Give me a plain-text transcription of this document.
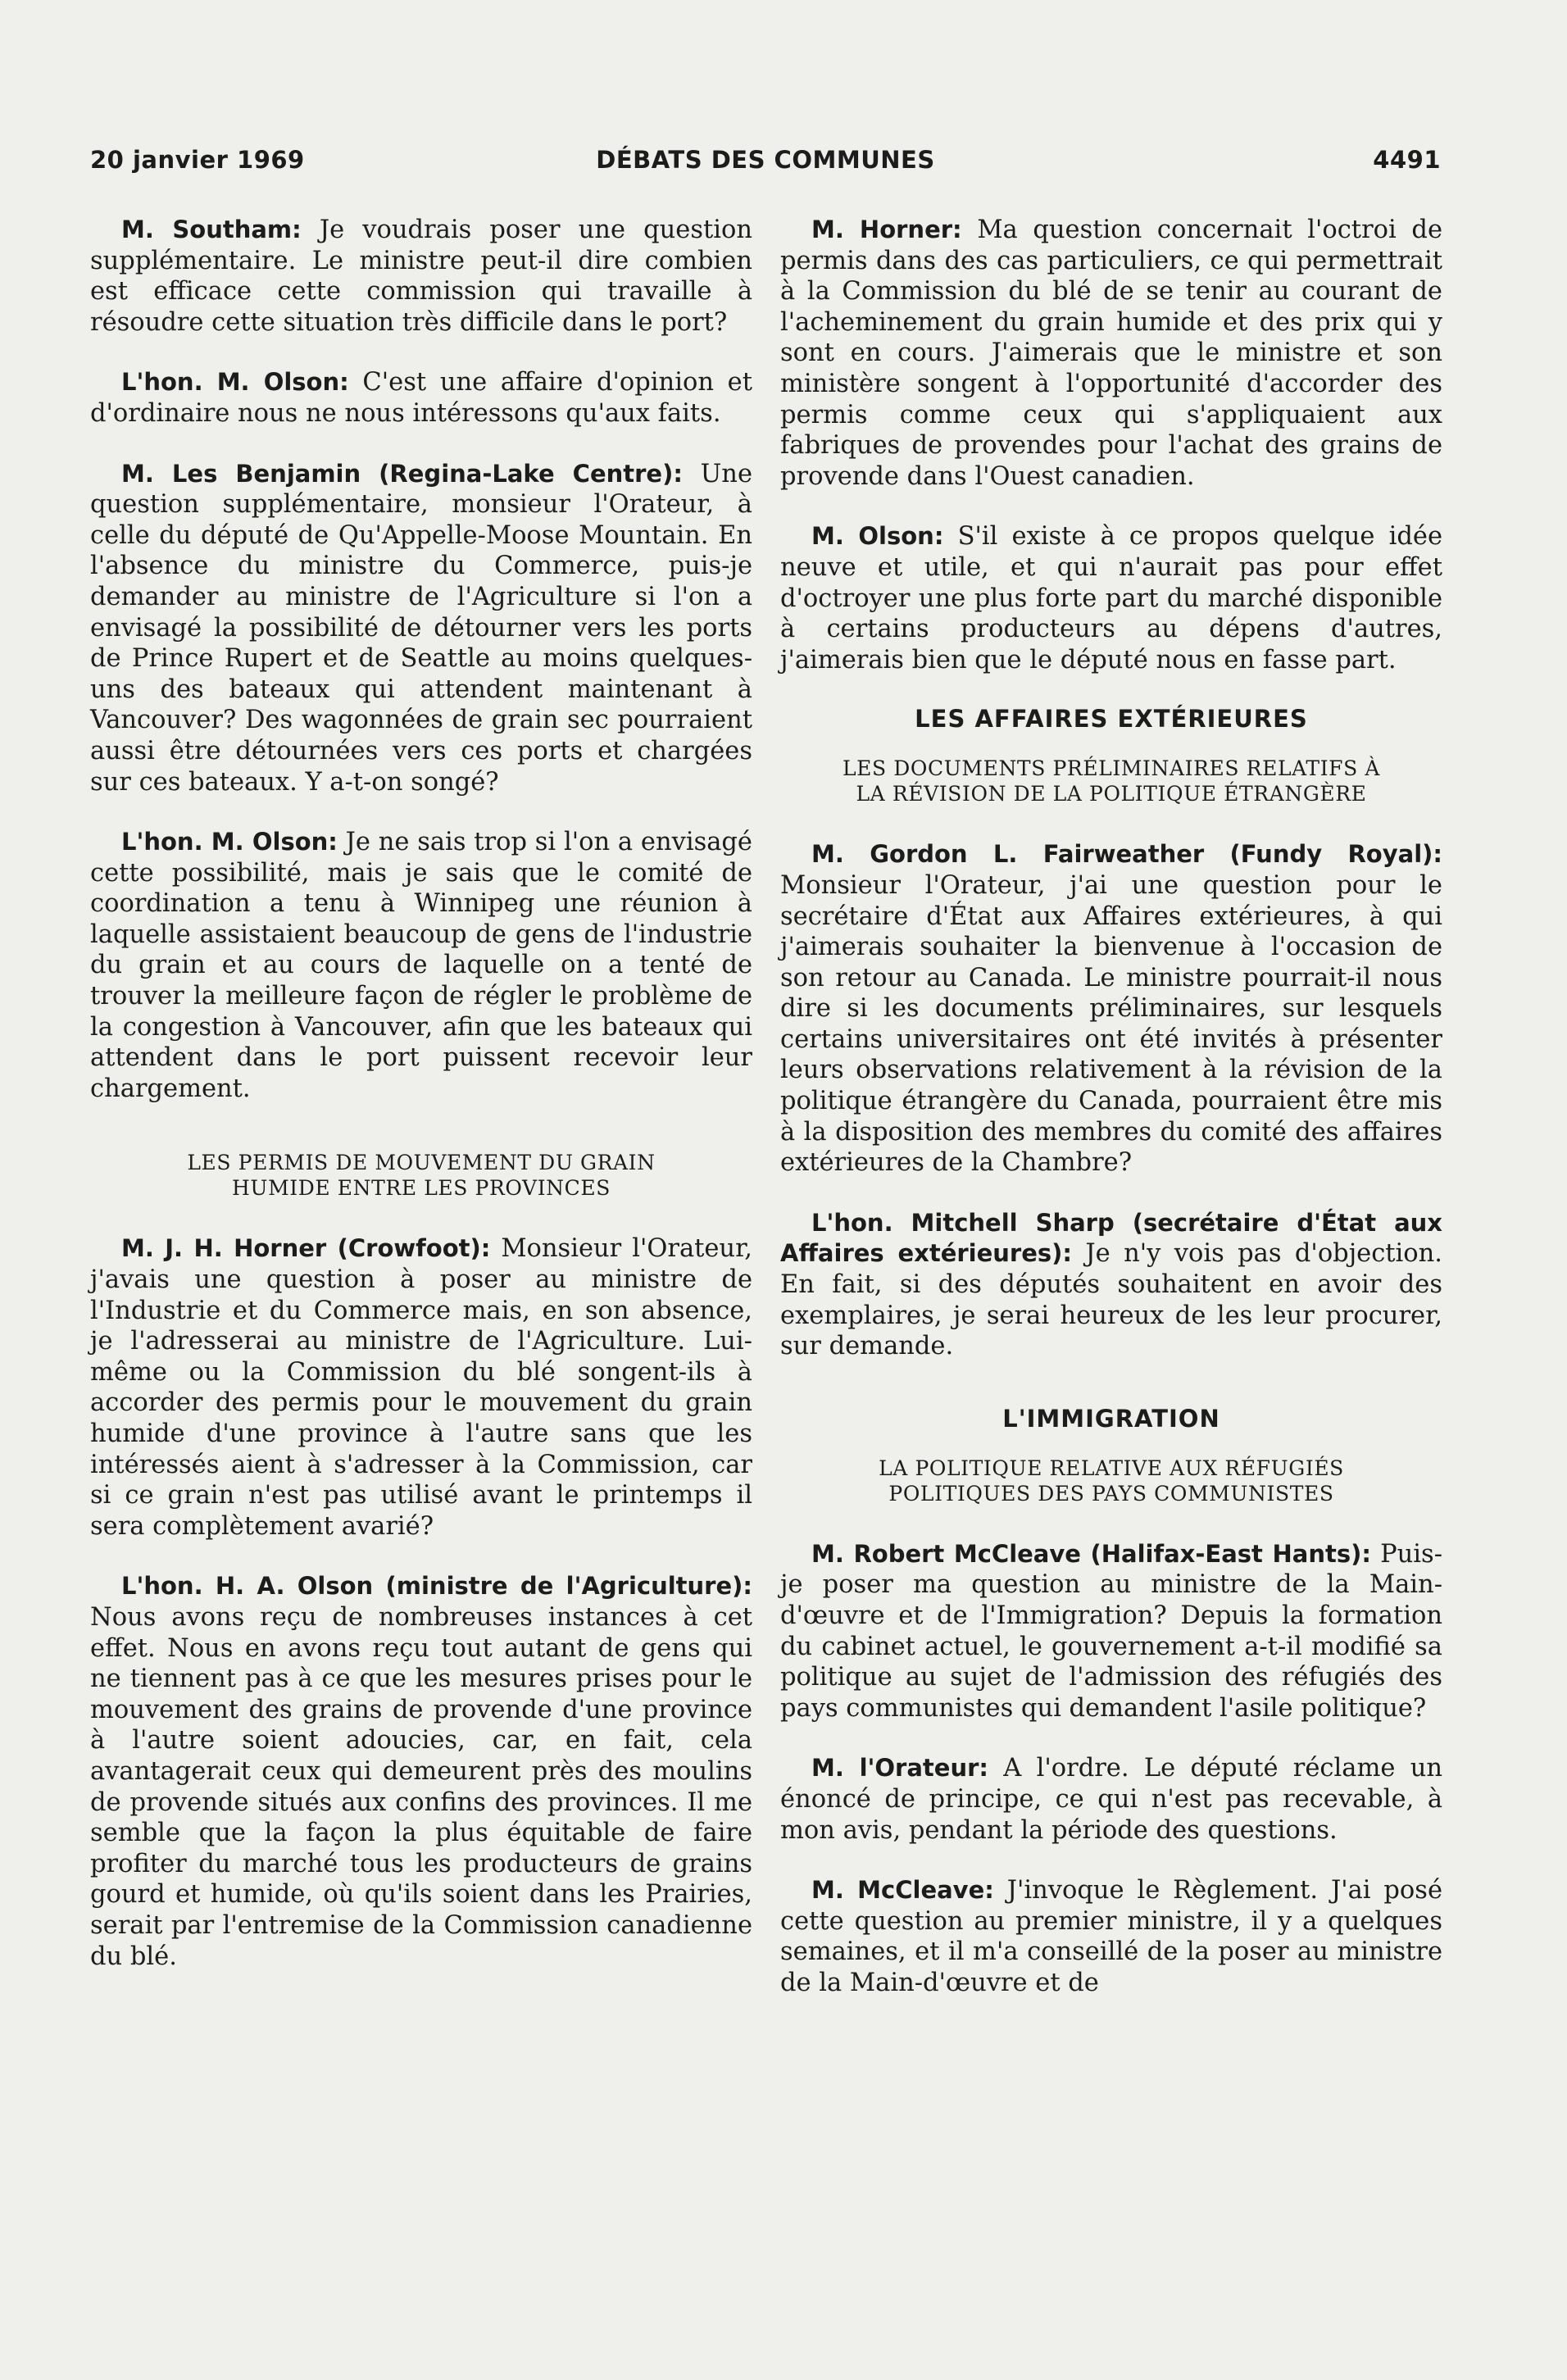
20 janvier 1969	DÉBATS DES COMMUNES	4491

M. Southam: Je voudrais poser une question supplémentaire. Le ministre peut-il dire combien est efficace cette commission qui travaille à résoudre cette situation très difficile dans le port?

L'hon. M. Olson: C'est une affaire d'opinion et d'ordinaire nous ne nous intéressons qu'aux faits.

M. Les Benjamin (Regina-Lake Centre): Une question supplémentaire, monsieur l'Orateur, à celle du député de Qu'Appelle-Moose Mountain. En l'absence du ministre du Commerce, puis-je demander au ministre de l'Agriculture si l'on a envisagé la possibilité de détourner vers les ports de Prince Rupert et de Seattle au moins quelques-uns des bateaux qui attendent maintenant à Vancouver? Des wagonnées de grain sec pourraient aussi être détournées vers ces ports et chargées sur ces bateaux. Y a-t-on songé?

L'hon. M. Olson: Je ne sais trop si l'on a envisagé cette possibilité, mais je sais que le comité de coordination a tenu à Winnipeg une réunion à laquelle assistaient beaucoup de gens de l'industrie du grain et au cours de laquelle on a tenté de trouver la meilleure façon de régler le problème de la congestion à Vancouver, afin que les bateaux qui attendent dans le port puissent recevoir leur chargement.

LES PERMIS DE MOUVEMENT DU GRAIN
HUMIDE ENTRE LES PROVINCES

M. J. H. Horner (Crowfoot): Monsieur l'Orateur, j'avais une question à poser au ministre de l'Industrie et du Commerce mais, en son absence, je l'adresserai au ministre de l'Agriculture. Lui-même ou la Commission du blé songent-ils à accorder des permis pour le mouvement du grain humide d'une province à l'autre sans que les intéressés aient à s'adresser à la Commission, car si ce grain n'est pas utilisé avant le printemps il sera complètement avarié?

L'hon. H. A. Olson (ministre de l'Agriculture): Nous avons reçu de nombreuses instances à cet effet. Nous en avons reçu tout autant de gens qui ne tiennent pas à ce que les mesures prises pour le mouvement des grains de provende d'une province à l'autre soient adoucies, car, en fait, cela avantagerait ceux qui demeurent près des moulins de provende situés aux confins des provinces. Il me semble que la façon la plus équitable de faire profiter du marché tous les producteurs de grains gourd et humide, où qu'ils soient dans les Prairies, serait par l'entremise de la Commission canadienne du blé.

M. Horner: Ma question concernait l'octroi de permis dans des cas particuliers, ce qui permettrait à la Commission du blé de se tenir au courant de l'acheminement du grain humide et des prix qui y sont en cours. J'aimerais que le ministre et son ministère songent à l'opportunité d'accorder des permis comme ceux qui s'appliquaient aux fabriques de provendes pour l'achat des grains de provende dans l'Ouest canadien.

M. Olson: S'il existe à ce propos quelque idée neuve et utile, et qui n'aurait pas pour effet d'octroyer une plus forte part du marché disponible à certains producteurs au dépens d'autres, j'aimerais bien que le député nous en fasse part.

LES AFFAIRES EXTÉRIEURES
LES DOCUMENTS PRÉLIMINAIRES RELATIFS À
LA RÉVISION DE LA POLITIQUE ÉTRANGÈRE

M. Gordon L. Fairweather (Fundy Royal): Monsieur l'Orateur, j'ai une question pour le secrétaire d'État aux Affaires extérieures, à qui j'aimerais souhaiter la bienvenue à l'occasion de son retour au Canada. Le ministre pourrait-il nous dire si les documents préliminaires, sur lesquels certains universitaires ont été invités à présenter leurs observations relativement à la révision de la politique étrangère du Canada, pourraient être mis à la disposition des membres du comité des affaires extérieures de la Chambre?

L'hon. Mitchell Sharp (secrétaire d'État aux Affaires extérieures): Je n'y vois pas d'objection. En fait, si des députés souhaitent en avoir des exemplaires, je serai heureux de les leur procurer, sur demande.

L'IMMIGRATION
LA POLITIQUE RELATIVE AUX RÉFUGIÉS
POLITIQUES DES PAYS COMMUNISTES

M. Robert McCleave (Halifax-East Hants): Puis-je poser ma question au ministre de la Main-d'œuvre et de l'Immigration? Depuis la formation du cabinet actuel, le gouvernement a-t-il modifié sa politique au sujet de l'admission des réfugiés des pays communistes qui demandent l'asile politique?

M. l'Orateur: A l'ordre. Le député réclame un énoncé de principe, ce qui n'est pas recevable, à mon avis, pendant la période des questions.

M. McCleave: J'invoque le Règlement. J'ai posé cette question au premier ministre, il y a quelques semaines, et il m'a conseillé de la poser au ministre de la Main-d'œuvre et de
